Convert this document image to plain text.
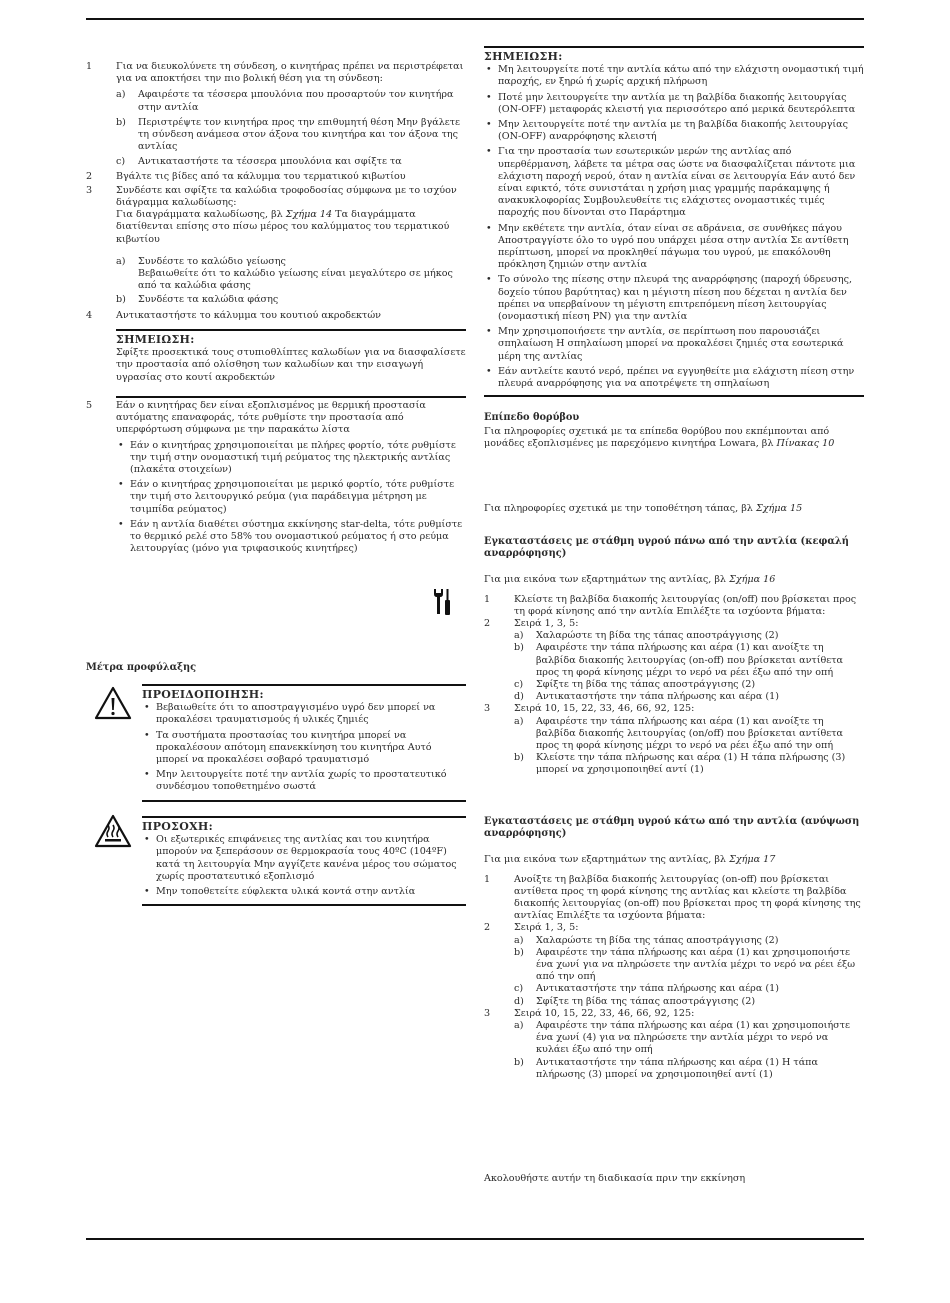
1	Για να διευκολύνετε τη σύνδεση, ο κινητήρας πρέπει να περιστρέφεται για να αποκτήσει την πιο βολική θέση για τη σύνδεση:
a) Αφαιρέστε τα τέσσερα μπουλόνια που προσαρτούν τον κινητήρα στην αντλία
b) Περιστρέψτε τον κινητήρα προς την επιθυμητή θέση Μην βγάλετε τη σύνδεση ανάμεσα στον άξονα του κινητήρα και τον άξονα της αντλίας
c) Αντικαταστήστε τα τέσσερα μπουλόνια και σφίξτε τα
2	Βγάλτε τις βίδες από τα κάλυμμα του τερματικού κιβωτίου
3	Συνδέστε και σφίξτε τα καλώδια τροφοδοσίας σύμφωνα με το ισχύον διάγραμμα καλωδίωσης:
Για διαγράμματα καλωδίωσης, βλ Σχήμα 14 Τα διαγράμματα διατίθενται επίσης στο πίσω μέρος του καλύμματος του τερματικού κιβωτίου
a) Συνδέστε το καλώδιο γείωσης
Βεβαιωθείτε ότι το καλώδιο γείωσης είναι μεγαλύτερο σε μήκος από τα καλώδια φάσης
b) Συνδέστε τα καλώδια φάσης
4	Αντικαταστήστε το κάλυμμα του κουτιού ακροδεκτών
ΣΗΜΕΙΩΣΗ:
Σφίξτε προσεκτικά τους στυπιοθλίπτες καλωδίων για να διασφαλίσετε την προστασία από ολίσθηση των καλωδίων και την εισαγωγή υγρασίας στο κουτί ακροδεκτών
5	Εάν ο κινητήρας δεν είναι εξοπλισμένος με θερμική προστασία αυτόματης επαναφοράς, τότε ρυθμίστε την προστασία από υπερφόρτωση σύμφωνα με την παρακάτω λίστα
• Εάν ο κινητήρας χρησιμοποιείται με πλήρες φορτίο, τότε ρυθμίστε την τιμή στην ονομαστική τιμή ρεύματος της ηλεκτρικής αντλίας (πλακέτα στοιχείων)
• Εάν ο κινητήρας χρησιμοποιείται με μερικό φορτίο, τότε ρυθμίστε την τιμή στο λειτουργικό ρεύμα (για παράδειγμα μέτρηση με τσιμπίδα ρεύματος)
• Εάν η αντλία διαθέτει σύστημα εκκίνησης star-delta, τότε ρυθμίστε το θερμικό ρελέ στο 58% του ονομαστικού ρεύματος ή στο ρεύμα λειτουργίας (μόνο για τριφασικούς κινητήρες)
Μέτρα προφύλαξης
ΠΡΟΕΙΔΟΠΟΙΗΣΗ:
• Βεβαιωθείτε ότι το αποστραγγισμένο υγρό δεν μπορεί να προκαλέσει τραυματισμούς ή υλικές ζημιές
• Τα συστήματα προστασίας του κινητήρα μπορεί να προκαλέσουν απότομη επανεκκίνηση του κινητήρα Αυτό μπορεί να προκαλέσει σοβαρό τραυματισμό
• Μην λειτουργείτε ποτέ την αντλία χωρίς το προστατευτικό συνδέσμου τοποθετημένο σωστά
ΠΡΟΣΟΧΗ:
• Οι εξωτερικές επιφάνειες της αντλίας και του κινητήρα μπορούν να ξεπεράσουν σε θερμοκρασία τους 40ºC (104ºF) κατά τη λειτουργία Μην αγγίζετε κανένα μέρος του σώματος χωρίς προστατευτικό εξοπλισμό
• Μην τοποθετείτε εύφλεκτα υλικά κοντά στην αντλία
ΣΗΜΕΙΩΣΗ:
• Μη λειτουργείτε ποτέ την αντλία κάτω από την ελάχιστη ονομαστική τιμή παροχής, εν ξηρώ ή χωρίς αρχική πλήρωση
• Ποτέ μην λειτουργείτε την αντλία με τη βαλβίδα διακοπής λειτουργίας (ON-OFF) μεταφοράς κλειστή για περισσότερο από μερικά δευτερόλεπτα
• Μην λειτουργείτε ποτέ την αντλία με τη βαλβίδα διακοπής λειτουργίας (ON-OFF) αναρρόφησης κλειστή
• Για την προστασία των εσωτερικών μερών της αντλίας από υπερθέρμανση, λάβετε τα μέτρα σας ώστε να διασφαλίζεται πάντοτε μια ελάχιστη παροχή νερού, όταν η αντλία είναι σε λειτουργία Εάν αυτό δεν είναι εφικτό, τότε συνιστάται η χρήση μιας γραμμής παράκαμψης ή ανακυκλοφορίας Συμβουλευθείτε τις ελάχιστες ονομαστικές τιμές παροχής που δίνονται στο Παράρτημα
• Μην εκθέτετε την αντλία, όταν είναι σε αδράνεια, σε συνθήκες πάγου Αποστραγγίστε όλο το υγρό που υπάρχει μέσα στην αντλία Σε αντίθετη περίπτωση, μπορεί να προκληθεί πάγωμα του υγρού, με επακόλουθη πρόκληση ζημιών στην αντλία
• Το σύνολο της πίεσης στην πλευρά της αναρρόφησης (παροχή ύδρευσης, δοχείο τύπου βαρύτητας) και η μέγιστη πίεση που δέχεται η αντλία δεν πρέπει να υπερβαίνουν τη μέγιστη επιτρεπόμενη πίεση λειτουργίας (ονομαστική πίεση PN) για την αντλία
• Μην χρησιμοποιήσετε την αντλία, σε περίπτωση που παρουσιάζει σπηλαίωση Η σπηλαίωση μπορεί να προκαλέσει ζημιές στα εσωτερικά μέρη της αντλίας
• Εάν αντλείτε καυτό νερό, πρέπει να εγγυηθείτε μια ελάχιστη πίεση στην πλευρά αναρρόφησης για να αποτρέψετε τη σπηλαίωση
Επίπεδο θορύβου
Για πληροφορίες σχετικά με τα επίπεδα θορύβου που εκπέμπονται από μονάδες εξοπλισμένες με παρεχόμενο κινητήρα Lowara, βλ Πίνακας 10
Για πληροφορίες σχετικά με την τοποθέτηση τάπας, βλ Σχήμα 15
Εγκαταστάσεις με στάθμη υγρού πάνω από την αντλία (κεφαλή αναρρόφησης)
Για μια εικόνα των εξαρτημάτων της αντλίας, βλ Σχήμα 16
1	Κλείστε τη βαλβίδα διακοπής λειτουργίας (on/off) που βρίσκεται προς τη φορά κίνησης από την αντλία Επιλέξτε τα ισχύοντα βήματα:
2	Σειρά 1, 3, 5:
a) Χαλαρώστε τη βίδα της τάπας αποστράγγισης (2)
b) Αφαιρέστε την τάπα πλήρωσης και αέρα (1) και ανοίξτε τη βαλβίδα διακοπής λειτουργίας (on-off) που βρίσκεται αντίθετα προς τη φορά κίνησης μέχρι το νερό να ρέει έξω από την οπή
c) Σφίξτε τη βίδα της τάπας αποστράγγισης (2)
d) Αντικαταστήστε την τάπα πλήρωσης και αέρα (1)
3	Σειρά 10, 15, 22, 33, 46, 66, 92, 125:
a) Αφαιρέστε την τάπα πλήρωσης και αέρα (1) και ανοίξτε τη βαλβίδα διακοπής λειτουργίας (on/off) που βρίσκεται αντίθετα προς τη φορά κίνησης μέχρι το νερό να ρέει έξω από την οπή
b) Κλείστε την τάπα πλήρωσης και αέρα (1) Η τάπα πλήρωσης (3) μπορεί να χρησιμοποιηθεί αντί (1)
Εγκαταστάσεις με στάθμη υγρού κάτω από την αντλία (ανύψωση αναρρόφησης)
Για μια εικόνα των εξαρτημάτων της αντλίας, βλ Σχήμα 17
1	Ανοίξτε τη βαλβίδα διακοπής λειτουργίας (on-off) που βρίσκεται αντίθετα προς τη φορά κίνησης της αντλίας και κλείστε τη βαλβίδα διακοπής λειτουργίας (on-off) που βρίσκεται προς τη φορά κίνησης της αντλίας Επιλέξτε τα ισχύοντα βήματα:
2	Σειρά 1, 3, 5:
a) Χαλαρώστε τη βίδα της τάπας αποστράγγισης (2)
b) Αφαιρέστε την τάπα πλήρωσης και αέρα (1) και χρησιμοποιήστε ένα χωνί για να πληρώσετε την αντλία μέχρι το νερό να ρέει έξω από την οπή
c) Αντικαταστήστε την τάπα πλήρωσης και αέρα (1)
d) Σφίξτε τη βίδα της τάπας αποστράγγισης (2)
3	Σειρά 10, 15, 22, 33, 46, 66, 92, 125:
a) Αφαιρέστε την τάπα πλήρωσης και αέρα (1) και χρησιμοποιήστε ένα χωνί (4) για να πληρώσετε την αντλία μέχρι το νερό να κυλάει έξω από την οπή
b) Αντικαταστήστε την τάπα πλήρωσης και αέρα (1) Η τάπα πλήρωσης (3) μπορεί να χρησιμοποιηθεί αντί (1)
Ακολουθήστε αυτήν τη διαδικασία πριν την εκκίνηση
